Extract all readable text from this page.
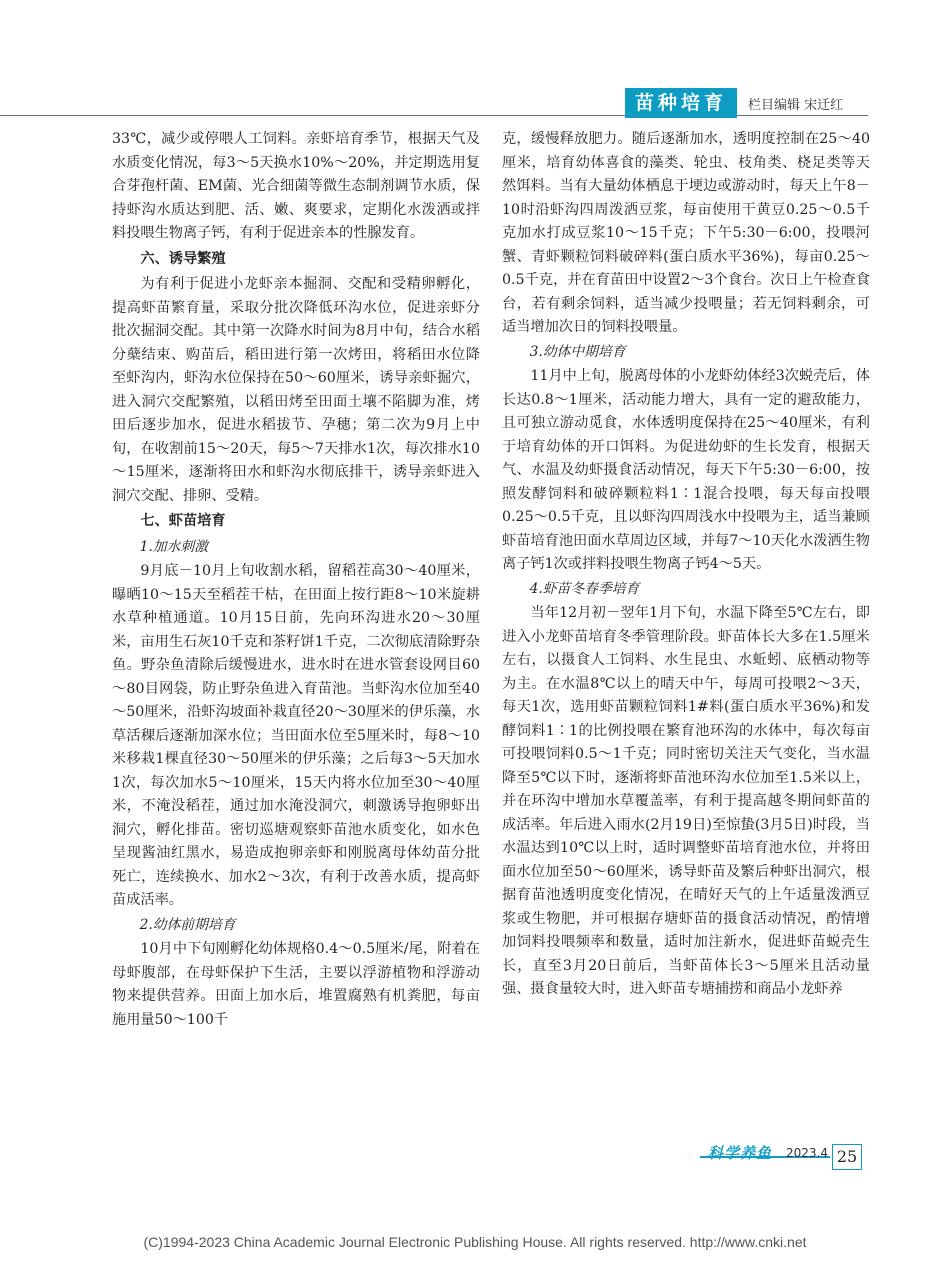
苗种培育	栏目编辑 宋迁红

33℃，减少或停喂人工饲料。亲虾培育季节，根据天气及水质变化情况，每3～5天换水10%～20%，并定期选用复合芽孢杆菌、EM菌、光合细菌等微生态制剂调节水质，保持虾沟水质达到肥、活、嫩、爽要求，定期化水泼洒或拌料投喂生物离子钙，有利于促进亲本的性腺发育。

六、诱导繁殖

为有利于促进小龙虾亲本掘洞、交配和受精卵孵化，提高虾苗繁育量，采取分批次降低环沟水位，促进亲虾分批次掘洞交配。其中第一次降水时间为8月中旬，结合水稻分蘖结束、购苗后，稻田进行第一次烤田，将稻田水位降至虾沟内，虾沟水位保持在50～60厘米，诱导亲虾掘穴，进入洞穴交配繁殖，以稻田烤至田面土壤不陷脚为准，烤田后逐步加水，促进水稻拔节、孕穗；第二次为9月上中旬，在收割前15～20天，每5～7天排水1次，每次排水10～15厘米，逐渐将田水和虾沟水彻底排干，诱导亲虾进入洞穴交配、排卵、受精。

七、虾苗培育
1.加水刺激

9月底－10月上旬收割水稻，留稻茬高30～40厘米，曝晒10～15天至稻茬干枯，在田面上按行距8～10米旋耕水草种植通道。10月15日前，先向环沟进水20～30厘米，亩用生石灰10千克和茶籽饼1千克，二次彻底清除野杂鱼。野杂鱼清除后缓慢进水，进水时在进水管套设网目60～80目网袋，防止野杂鱼进入育苗池。当虾沟水位加至40～50厘米，沿虾沟坡面补栽直径20～30厘米的伊乐藻，水草活稞后逐渐加深水位；当田面水位至5厘米时，每8～10米移栽1棵直径30～50厘米的伊乐藻；之后每3～5天加水1次，每次加水5～10厘米，15天内将水位加至30～40厘米，不淹没稻茬，通过加水淹没洞穴，刺激诱导抱卵虾出洞穴，孵化排苗。密切巡塘观察虾苗池水质变化，如水色呈现酱油红黑水，易造成抱卵亲虾和刚脱离母体幼苗分批死亡，连续换水、加水2～3次，有利于改善水质，提高虾苗成活率。

2.幼体前期培育

10月中下旬刚孵化幼体规格0.4～0.5厘米/尾，附着在母虾腹部，在母虾保护下生活，主要以浮游植物和浮游动物来提供营养。田面上加水后，堆置腐熟有机粪肥，每亩施用量50～100千

克，缓慢释放肥力。随后逐渐加水，透明度控制在25～40厘米，培育幼体喜食的藻类、轮虫、枝角类、桡足类等天然饵料。当有大量幼体栖息于埂边或游动时，每天上午8－10时沿虾沟四周泼洒豆浆，每亩使用干黄豆0.25～0.5千克加水打成豆浆10～15千克；下午5:30－6:00，投喂河蟹、青虾颗粒饲料破碎料(蛋白质水平36%)，每亩0.25～0.5千克，并在育苗田中设置2～3个食台。次日上午检查食台，若有剩余饲料，适当减少投喂量；若无饲料剩余，可适当增加次日的饲料投喂量。

3.幼体中期培育

11月中上旬，脱离母体的小龙虾幼体经3次蜕壳后，体长达0.8～1厘米，活动能力增大，具有一定的避敌能力，且可独立游动觅食，水体透明度保持在25～40厘米，有利于培育幼体的开口饵料。为促进幼虾的生长发育，根据天气、水温及幼虾摄食活动情况，每天下午5:30－6:00，按照发酵饲料和破碎颗粒料1∶1混合投喂，每天每亩投喂0.25～0.5千克，且以虾沟四周浅水中投喂为主，适当兼顾虾苗培育池田面水草周边区域，并每7～10天化水泼洒生物离子钙1次或拌料投喂生物离子钙4～5天。

4.虾苗冬春季培育

当年12月初－翌年1月下旬，水温下降至5℃左右，即进入小龙虾苗培育冬季管理阶段。虾苗体长大多在1.5厘米左右，以摄食人工饲料、水生昆虫、水蚯蚓、底栖动物等为主。在水温8℃以上的晴天中午，每周可投喂2～3天，每天1次，选用虾苗颗粒饲料1#料(蛋白质水平36%)和发酵饲料1∶1的比例投喂在繁育池环沟的水体中，每次每亩可投喂饲料0.5～1千克；同时密切关注天气变化，当水温降至5℃以下时，逐渐将虾苗池环沟水位加至1.5米以上，并在环沟中增加水草覆盖率，有利于提高越冬期间虾苗的成活率。年后进入雨水(2月19日)至惊蛰(3月5日)时段，当水温达到10℃以上时，适时调整虾苗培育池水位，并将田面水位加至50～60厘米，诱导虾苗及繁后种虾出洞穴，根据育苗池透明度变化情况，在晴好天气的上午适量泼洒豆浆或生物肥，并可根据存塘虾苗的摄食活动情况，酌情增加饲料投喂频率和数量，适时加注新水，促进虾苗蜕壳生长，直至3月20日前后，当虾苗体长3～5厘米且活动量强、摄食量较大时，进入虾苗专塘捕捞和商品小龙虾养

科学养鱼 2023.4 25
(C)1994-2023 China Academic Journal Electronic Publishing House. All rights reserved. http://www.cnki.net
